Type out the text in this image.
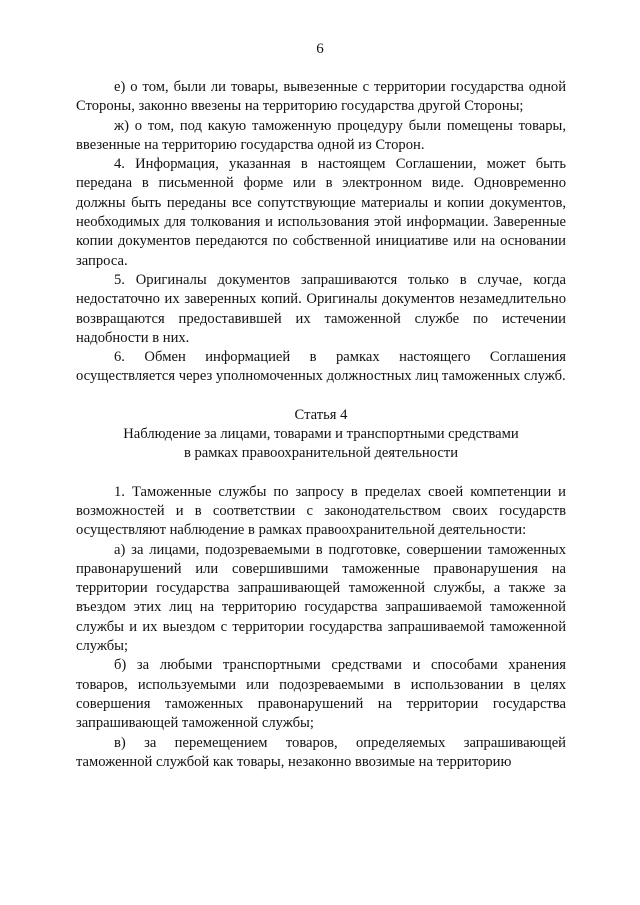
6

е) о том, были ли товары, вывезенные с территории государства одной Стороны, законно ввезены на территорию государства другой Стороны;

ж) о том, под какую таможенную процедуру были помещены товары, ввезенные на территорию государства одной из Сторон.

4. Информация, указанная в настоящем Соглашении, может быть передана в письменной форме или в электронном виде. Одновременно должны быть переданы все сопутствующие материалы и копии документов, необходимых для толкования и использования этой информации. Заверенные копии документов передаются по собственной инициативе или на основании запроса.

5. Оригиналы документов запрашиваются только в случае, когда недостаточно их заверенных копий. Оригиналы документов незамедлительно возвращаются предоставившей их таможенной службе по истечении надобности в них.

6. Обмен информацией в рамках настоящего Соглашения осуществляется через уполномоченных должностных лиц таможенных служб.

Статья 4
Наблюдение за лицами, товарами и транспортными средствами
в рамках правоохранительной деятельности

1. Таможенные службы по запросу в пределах своей компетенции и возможностей и в соответствии с законодательством своих государств осуществляют наблюдение в рамках правоохранительной деятельности:

а) за лицами, подозреваемыми в подготовке, совершении таможенных правонарушений или совершившими таможенные правонарушения на территории государства запрашивающей таможенной службы, а также за въездом этих лиц на территорию государства запрашиваемой таможенной службы и их выездом с территории государства запрашиваемой таможенной службы;

б) за любыми транспортными средствами и способами хранения товаров, используемыми или подозреваемыми в использовании в целях совершения таможенных правонарушений на территории государства запрашивающей таможенной службы;

в) за перемещением товаров, определяемых запрашивающей таможенной службой как товары, незаконно ввозимые на территорию
